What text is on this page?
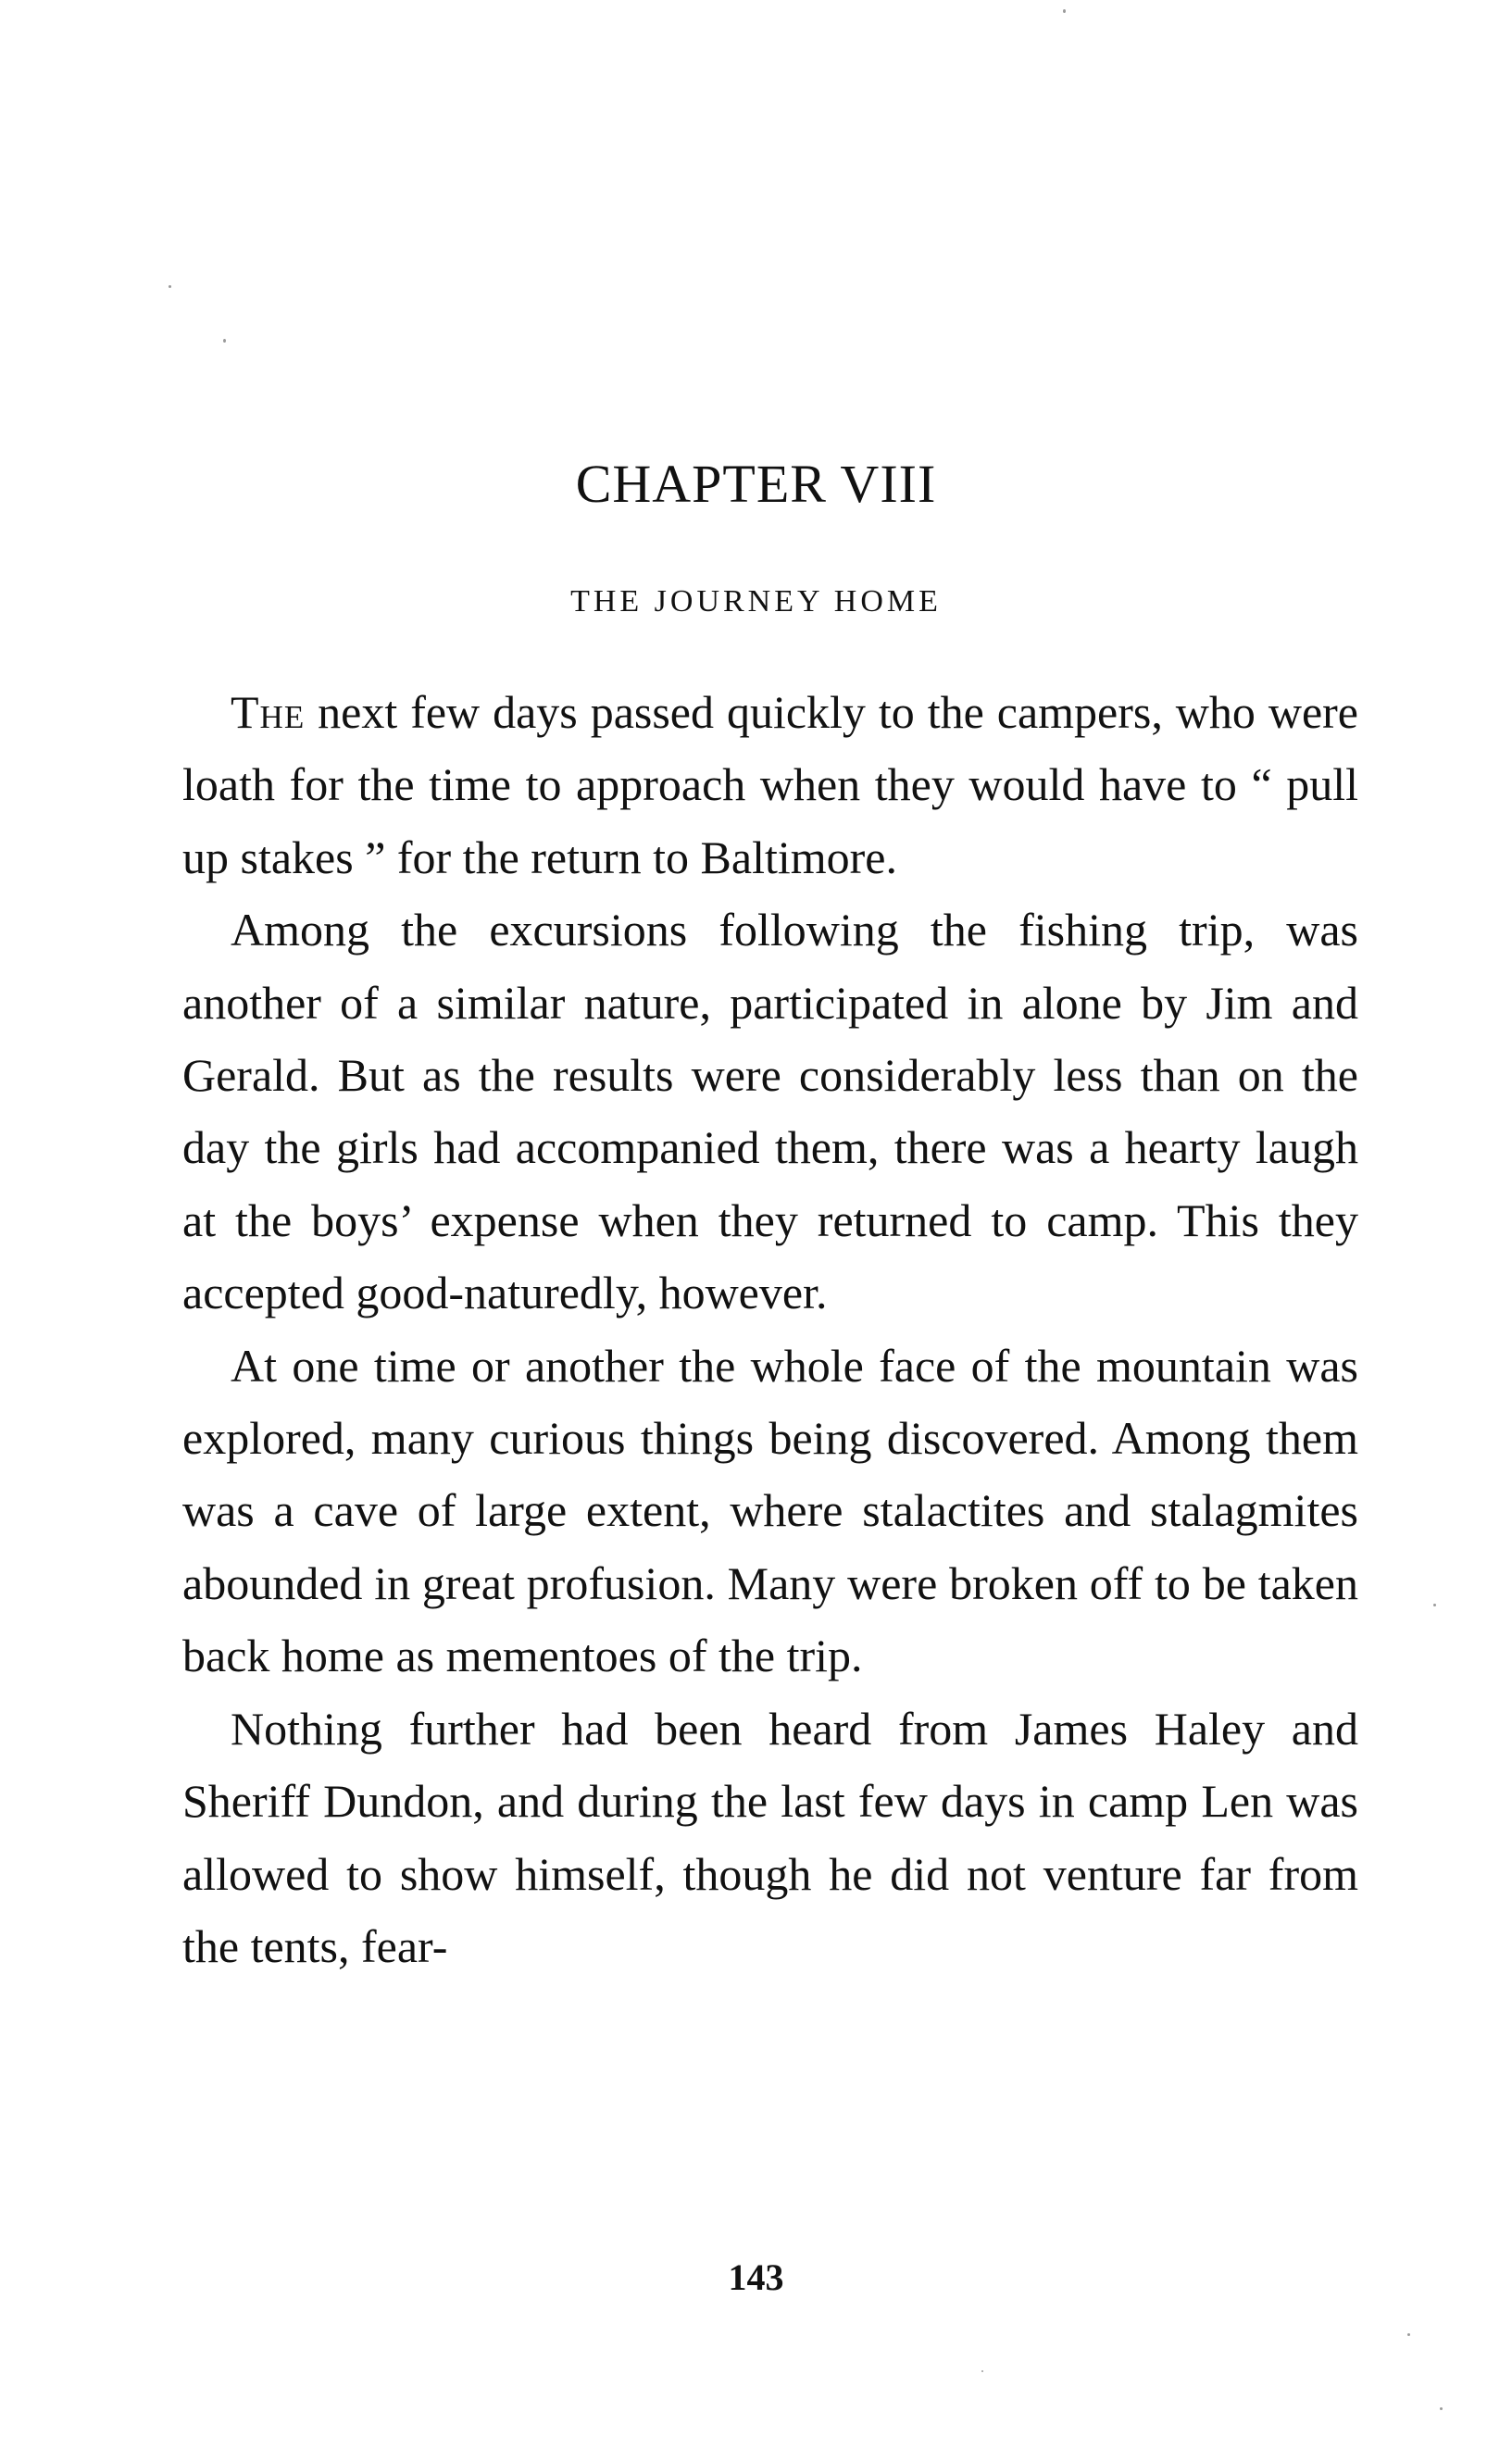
CHAPTER VIII
THE JOURNEY HOME

The next few days passed quickly to the campers, who were loath for the time to approach when they would have to “ pull up stakes ” for the return to Baltimore.

Among the excursions following the fishing trip, was another of a similar nature, participated in alone by Jim and Gerald. But as the results were considerably less than on the day the girls had accompanied them, there was a hearty laugh at the boys’ expense when they returned to camp. This they accepted good-naturedly, however.

At one time or another the whole face of the mountain was explored, many curious things being discovered. Among them was a cave of large extent, where stalactites and stalagmites abounded in great profusion. Many were broken off to be taken back home as mementoes of the trip.

Nothing further had been heard from James Haley and Sheriff Dundon, and during the last few days in camp Len was allowed to show himself, though he did not venture far from the tents, fear-

143
